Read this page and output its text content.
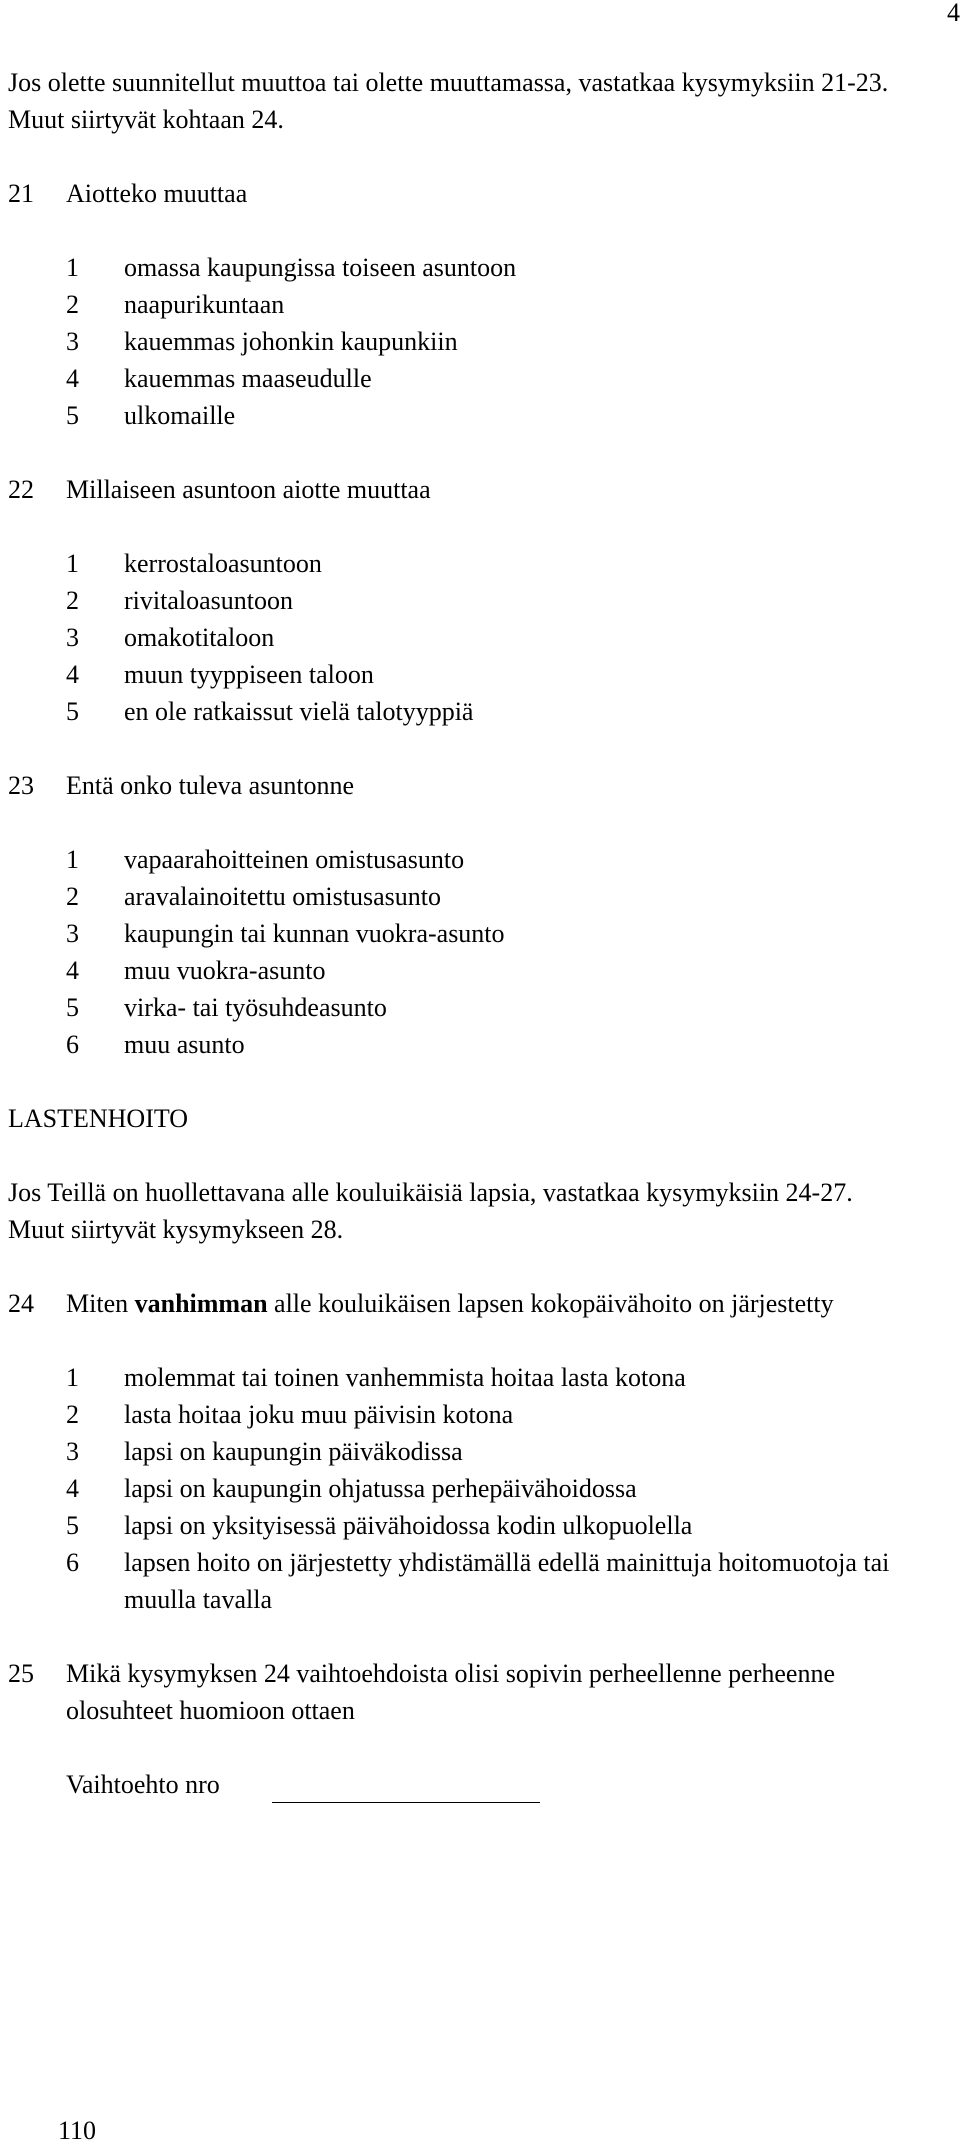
4

Jos olette suunnitellut muuttoa tai olette muuttamassa, vastatkaa kysymyksiin 21-23. Muut siirtyvät kohtaan 24.

21	Aiotteko muuttaa
1	omassa kaupungissa toiseen asuntoon
2	naapurikuntaan
3	kauemmas johonkin kaupunkiin
4	kauemmas maaseudulle
5	ulkomaille
22	Millaiseen asuntoon aiotte muuttaa
1	kerrostaloasuntoon
2	rivitaloasuntoon
3	omakotitaloon
4	muun tyyppiseen taloon
5	en ole ratkaissut vielä talotyyppiä
23	Entä onko tuleva asuntonne
1	vapaarahoitteinen omistusasunto
2	aravalainoitettu omistusasunto
3	kaupungin tai kunnan vuokra-asunto
4	muu vuokra-asunto
5	virka- tai työsuhdeasunto
6	muu asunto
LASTENHOITO

Jos Teillä on huollettavana alle kouluikäisiä lapsia, vastatkaa kysymyksiin 24-27. Muut siirtyvät kysymykseen 28.

24	Miten vanhimman alle kouluikäisen lapsen kokopäivähoito on järjestetty
1	molemmat tai toinen vanhemmista hoitaa lasta kotona
2	lasta hoitaa joku muu päivisin kotona
3	lapsi on kaupungin päiväkodissa
4	lapsi on kaupungin ohjatussa perhepäivähoidossa
5	lapsi on yksityisessä päivähoidossa kodin ulkopuolella
6	lapsen hoito on järjestetty yhdistämällä edellä mainittuja hoitomuotoja tai muulla tavalla
25	Mikä kysymyksen 24 vaihtoehdoista olisi sopivin perheellenne perheenne olosuhteet huomioon ottaen
Vaihtoehto nro
110
